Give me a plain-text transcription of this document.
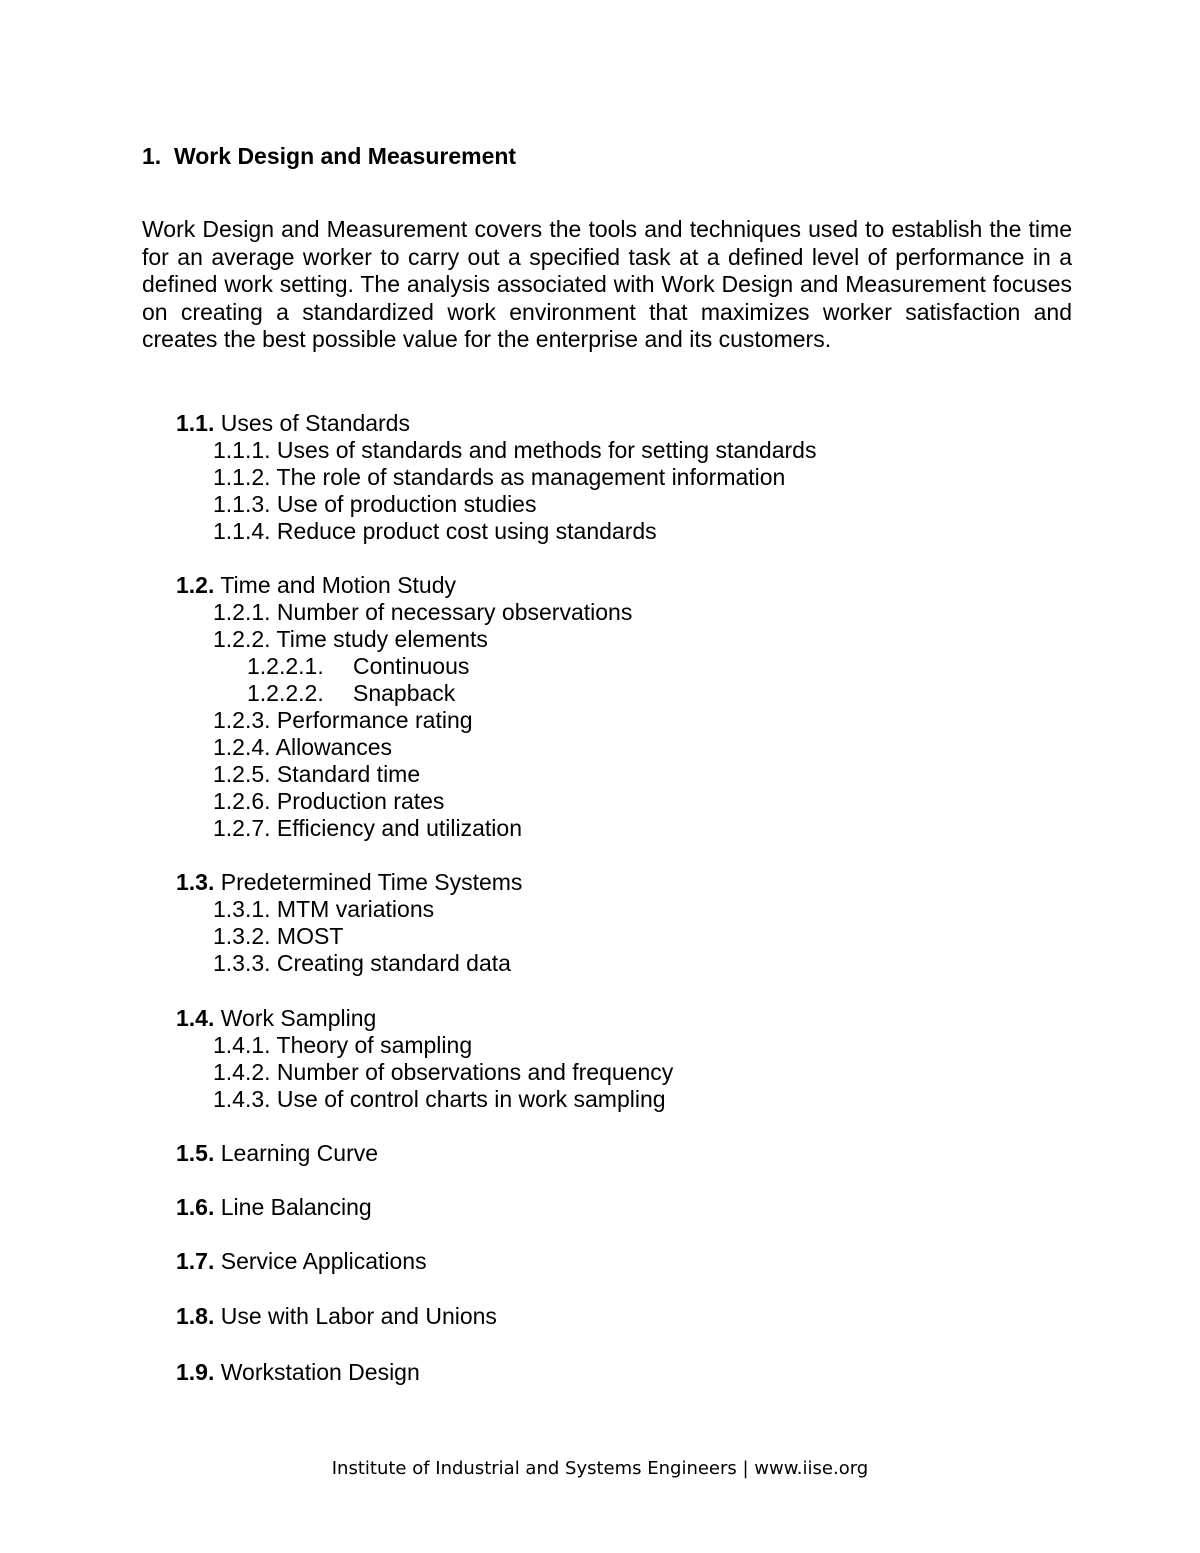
1. Work Design and Measurement
Work Design and Measurement covers the tools and techniques used to establish the time for an average worker to carry out a specified task at a defined level of performance in a defined work setting. The analysis associated with Work Design and Measurement focuses on creating a standardized work environment that maximizes worker satisfaction and creates the best possible value for the enterprise and its customers.
1.1. Uses of Standards
1.1.1. Uses of standards and methods for setting standards
1.1.2. The role of standards as management information
1.1.3. Use of production studies
1.1.4. Reduce product cost using standards
1.2. Time and Motion Study
1.2.1. Number of necessary observations
1.2.2. Time study elements
1.2.2.1. Continuous
1.2.2.2. Snapback
1.2.3. Performance rating
1.2.4. Allowances
1.2.5. Standard time
1.2.6. Production rates
1.2.7. Efficiency and utilization
1.3. Predetermined Time Systems
1.3.1. MTM variations
1.3.2. MOST
1.3.3. Creating standard data
1.4. Work Sampling
1.4.1. Theory of sampling
1.4.2. Number of observations and frequency
1.4.3. Use of control charts in work sampling
1.5. Learning Curve
1.6. Line Balancing
1.7. Service Applications
1.8. Use with Labor and Unions
1.9. Workstation Design
Institute of Industrial and Systems Engineers | www.iise.org
